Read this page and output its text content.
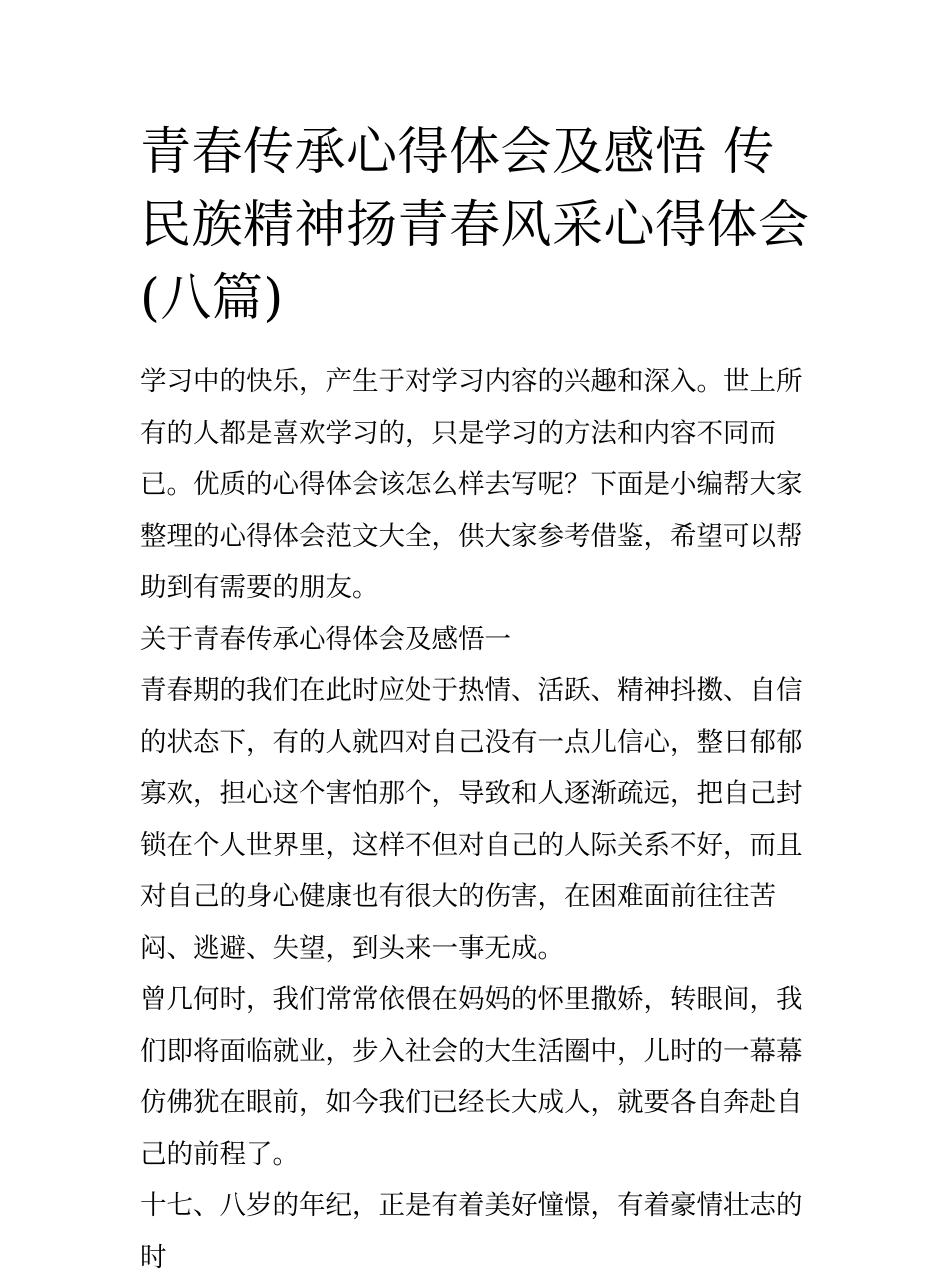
青春传承心得体会及感悟 传民族精神扬青春风采心得体会(八篇)

学习中的快乐，产生于对学习内容的兴趣和深入。世上所有的人都是喜欢学习的，只是学习的方法和内容不同而已。优质的心得体会该怎么样去写呢？下面是小编帮大家整理的心得体会范文大全，供大家参考借鉴，希望可以帮助到有需要的朋友。

关于青春传承心得体会及感悟一

青春期的我们在此时应处于热情、活跃、精神抖擞、自信的状态下，有的人就四对自己没有一点儿信心，整日郁郁寡欢，担心这个害怕那个，导致和人逐渐疏远，把自己封锁在个人世界里，这样不但对自己的人际关系不好，而且对自己的身心健康也有很大的伤害，在困难面前往往苦闷、逃避、失望，到头来一事无成。

曾几何时，我们常常依偎在妈妈的怀里撒娇，转眼间，我们即将面临就业，步入社会的大生活圈中，儿时的一幕幕仿佛犹在眼前，如今我们已经长大成人，就要各自奔赴自己的前程了。

十七、八岁的年纪，正是有着美好憧憬，有着豪情壮志的时
